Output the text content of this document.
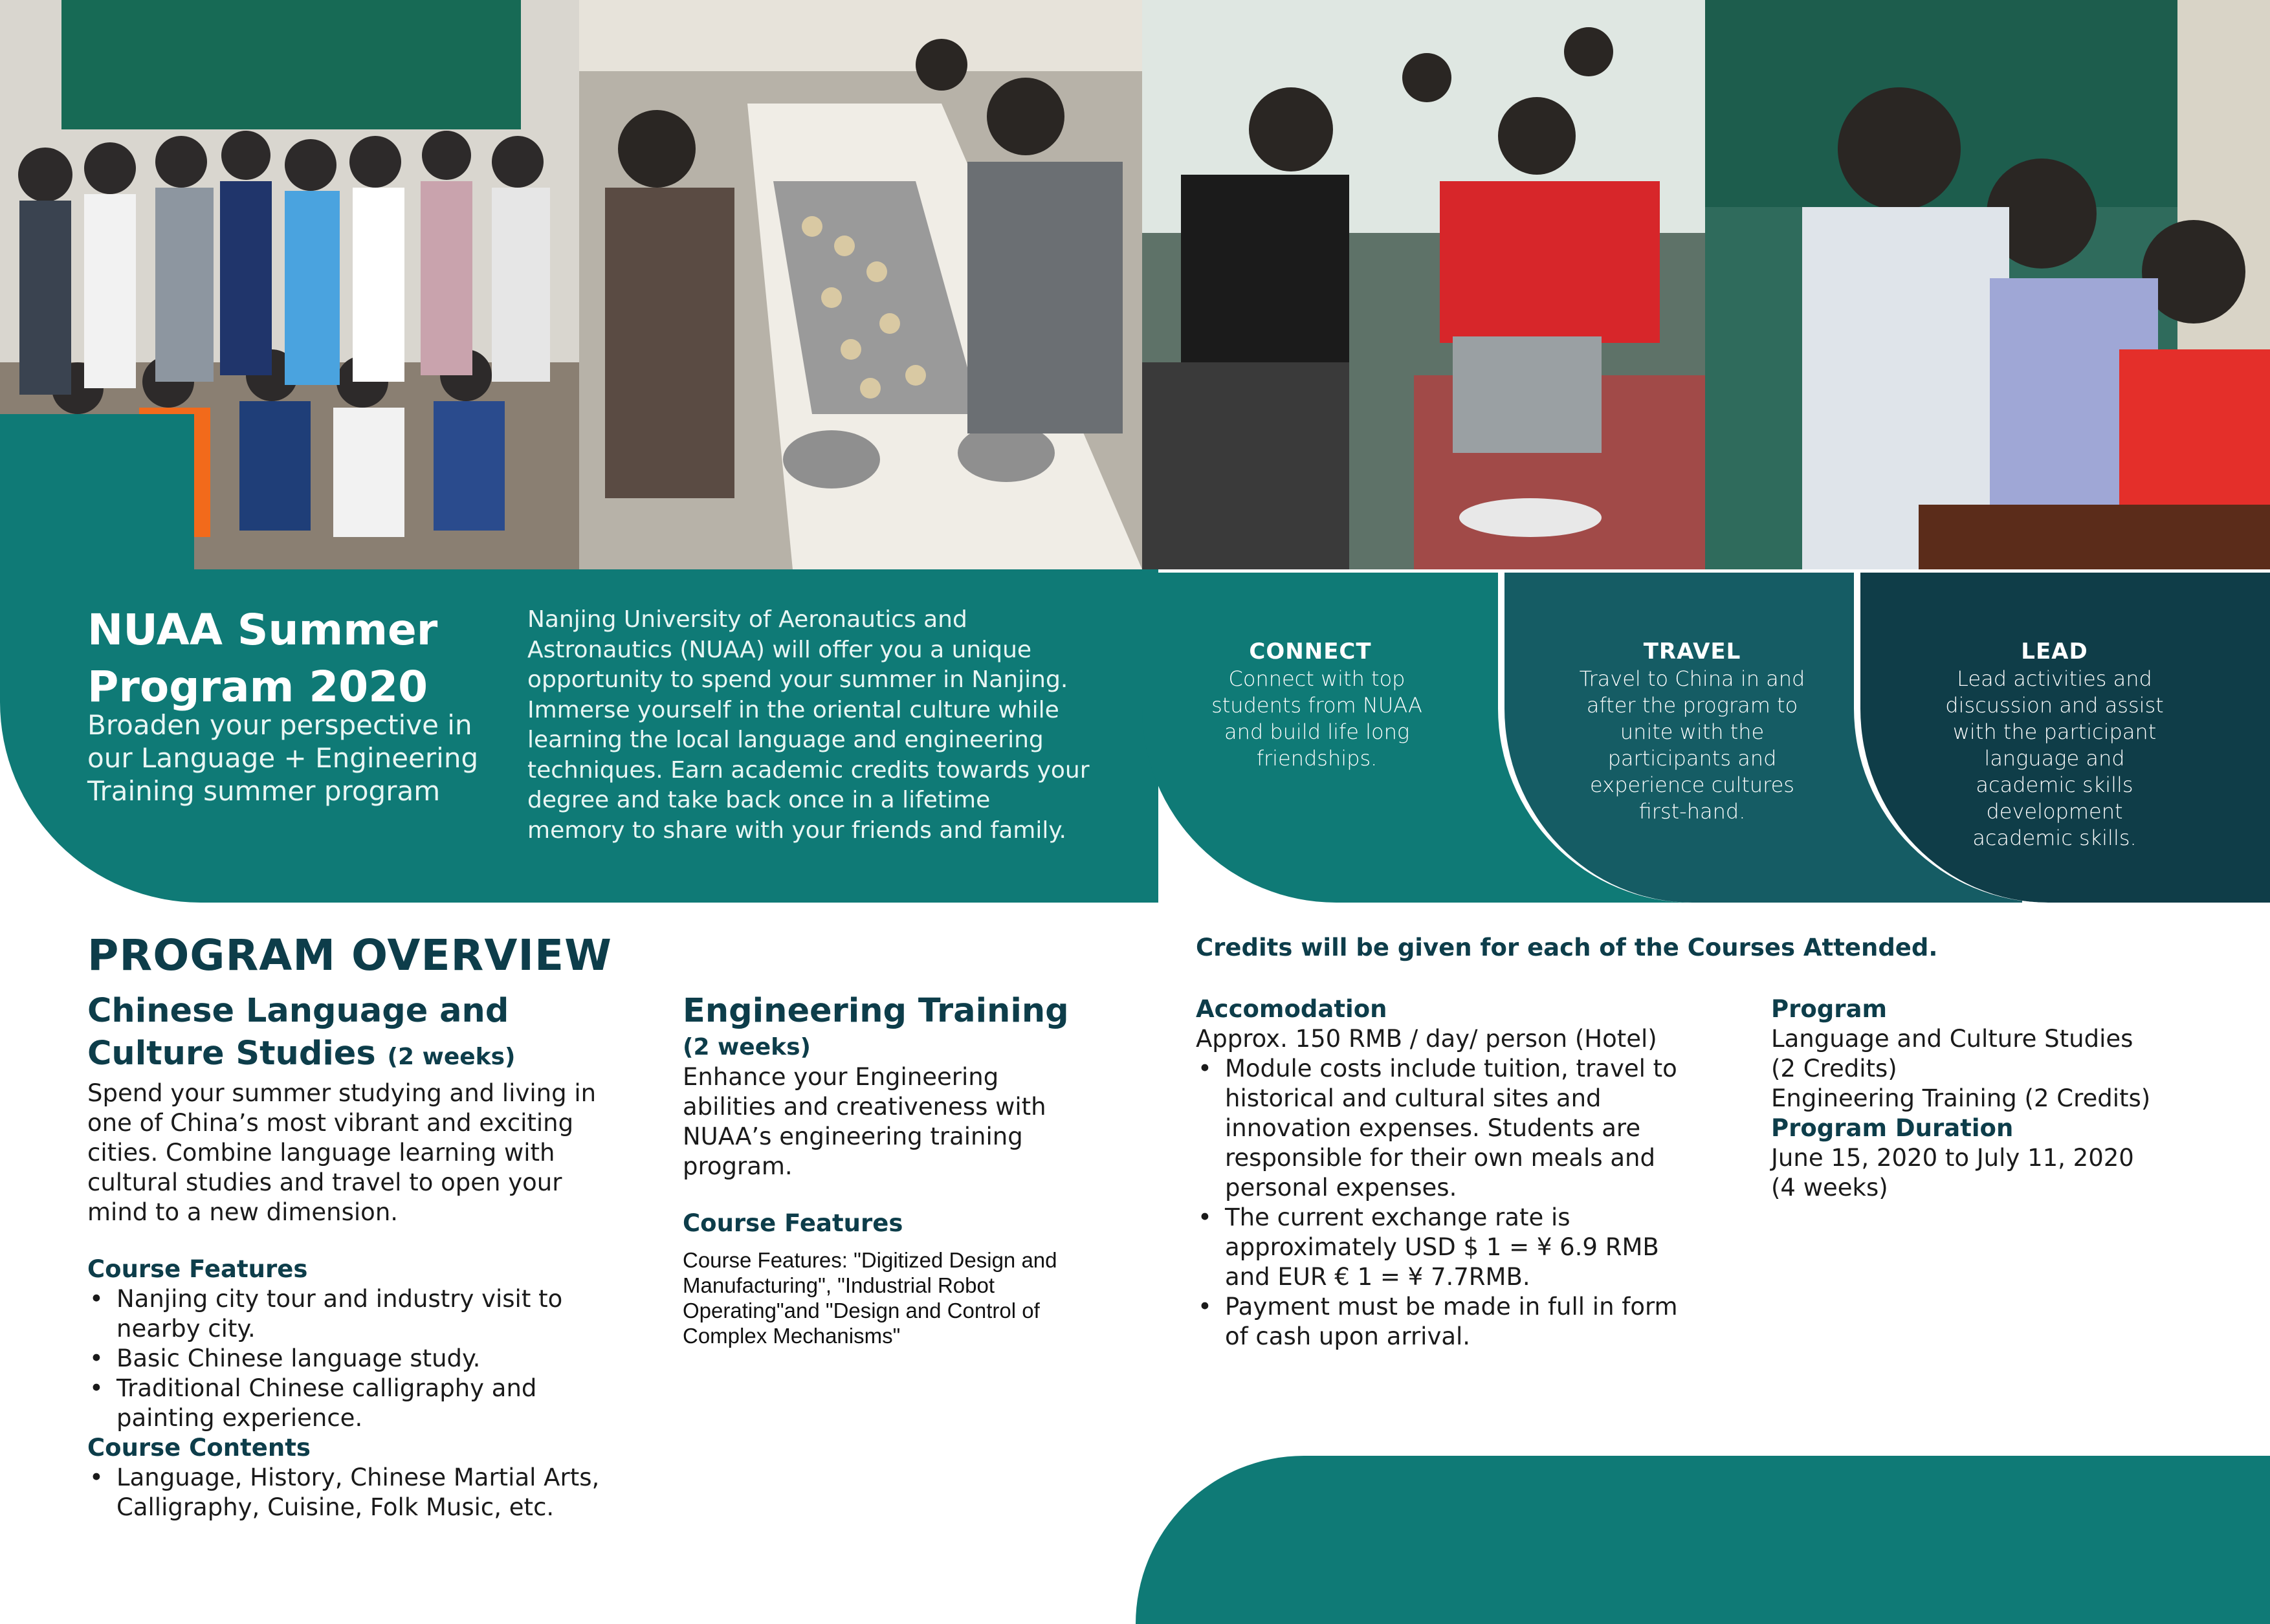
CONNECT
Connect with top students from NUAA and build life long friendships.
TRAVEL
Travel to China in and after the program to unite with the participants and experience cultures first-hand.
LEAD
Lead activities and discussion and assist with the participant language and academic skills development academic skills.
NUAA Summer Program 2020
Broaden your perspective in our Language + Engineering Training summer program
Nanjing University of Aeronautics and Astronautics (NUAA) will offer you a unique opportunity to spend your summer in Nanjing. Immerse yourself in the oriental culture while learning the local language and engineering techniques. Earn academic credits towards your degree and take back once in a lifetime memory to share with your friends and family.
PROGRAM OVERVIEW	Credits will be given for each of the Courses Attended.
Chinese Language and Culture Studies (2 weeks)
Spend your summer studying and living in one of China’s most vibrant and exciting cities. Combine language learning with cultural studies and travel to open your mind to a new dimension.
Course Features
• Nanjing city tour and industry visit to nearby city.
• Basic Chinese language study.
• Traditional Chinese calligraphy and painting experience.
Course Contents
• Language, History, Chinese Martial Arts, Calligraphy, Cuisine, Folk Music, etc.
Engineering Training
(2 weeks)
Enhance your Engineering abilities and creativeness with NUAA’s engineering training program.
Course Features
Course Features: "Digitized Design and Manufacturing", "Industrial Robot Operating"and "Design and Control of Complex Mechanisms"
Accomodation
Approx. 150 RMB / day/ person (Hotel)
• Module costs include tuition, travel to historical and cultural sites and innovation expenses. Students are responsible for their own meals and personal expenses.
• The current exchange rate is approximately USD $ 1 = ¥ 6.9 RMB and EUR € 1 = ¥ 7.7RMB.
• Payment must be made in full in form of cash upon arrival.
Program
Language and Culture Studies
(2 Credits)
Engineering Training (2 Credits)
Program Duration
June 15, 2020 to July 11, 2020
(4 weeks)
